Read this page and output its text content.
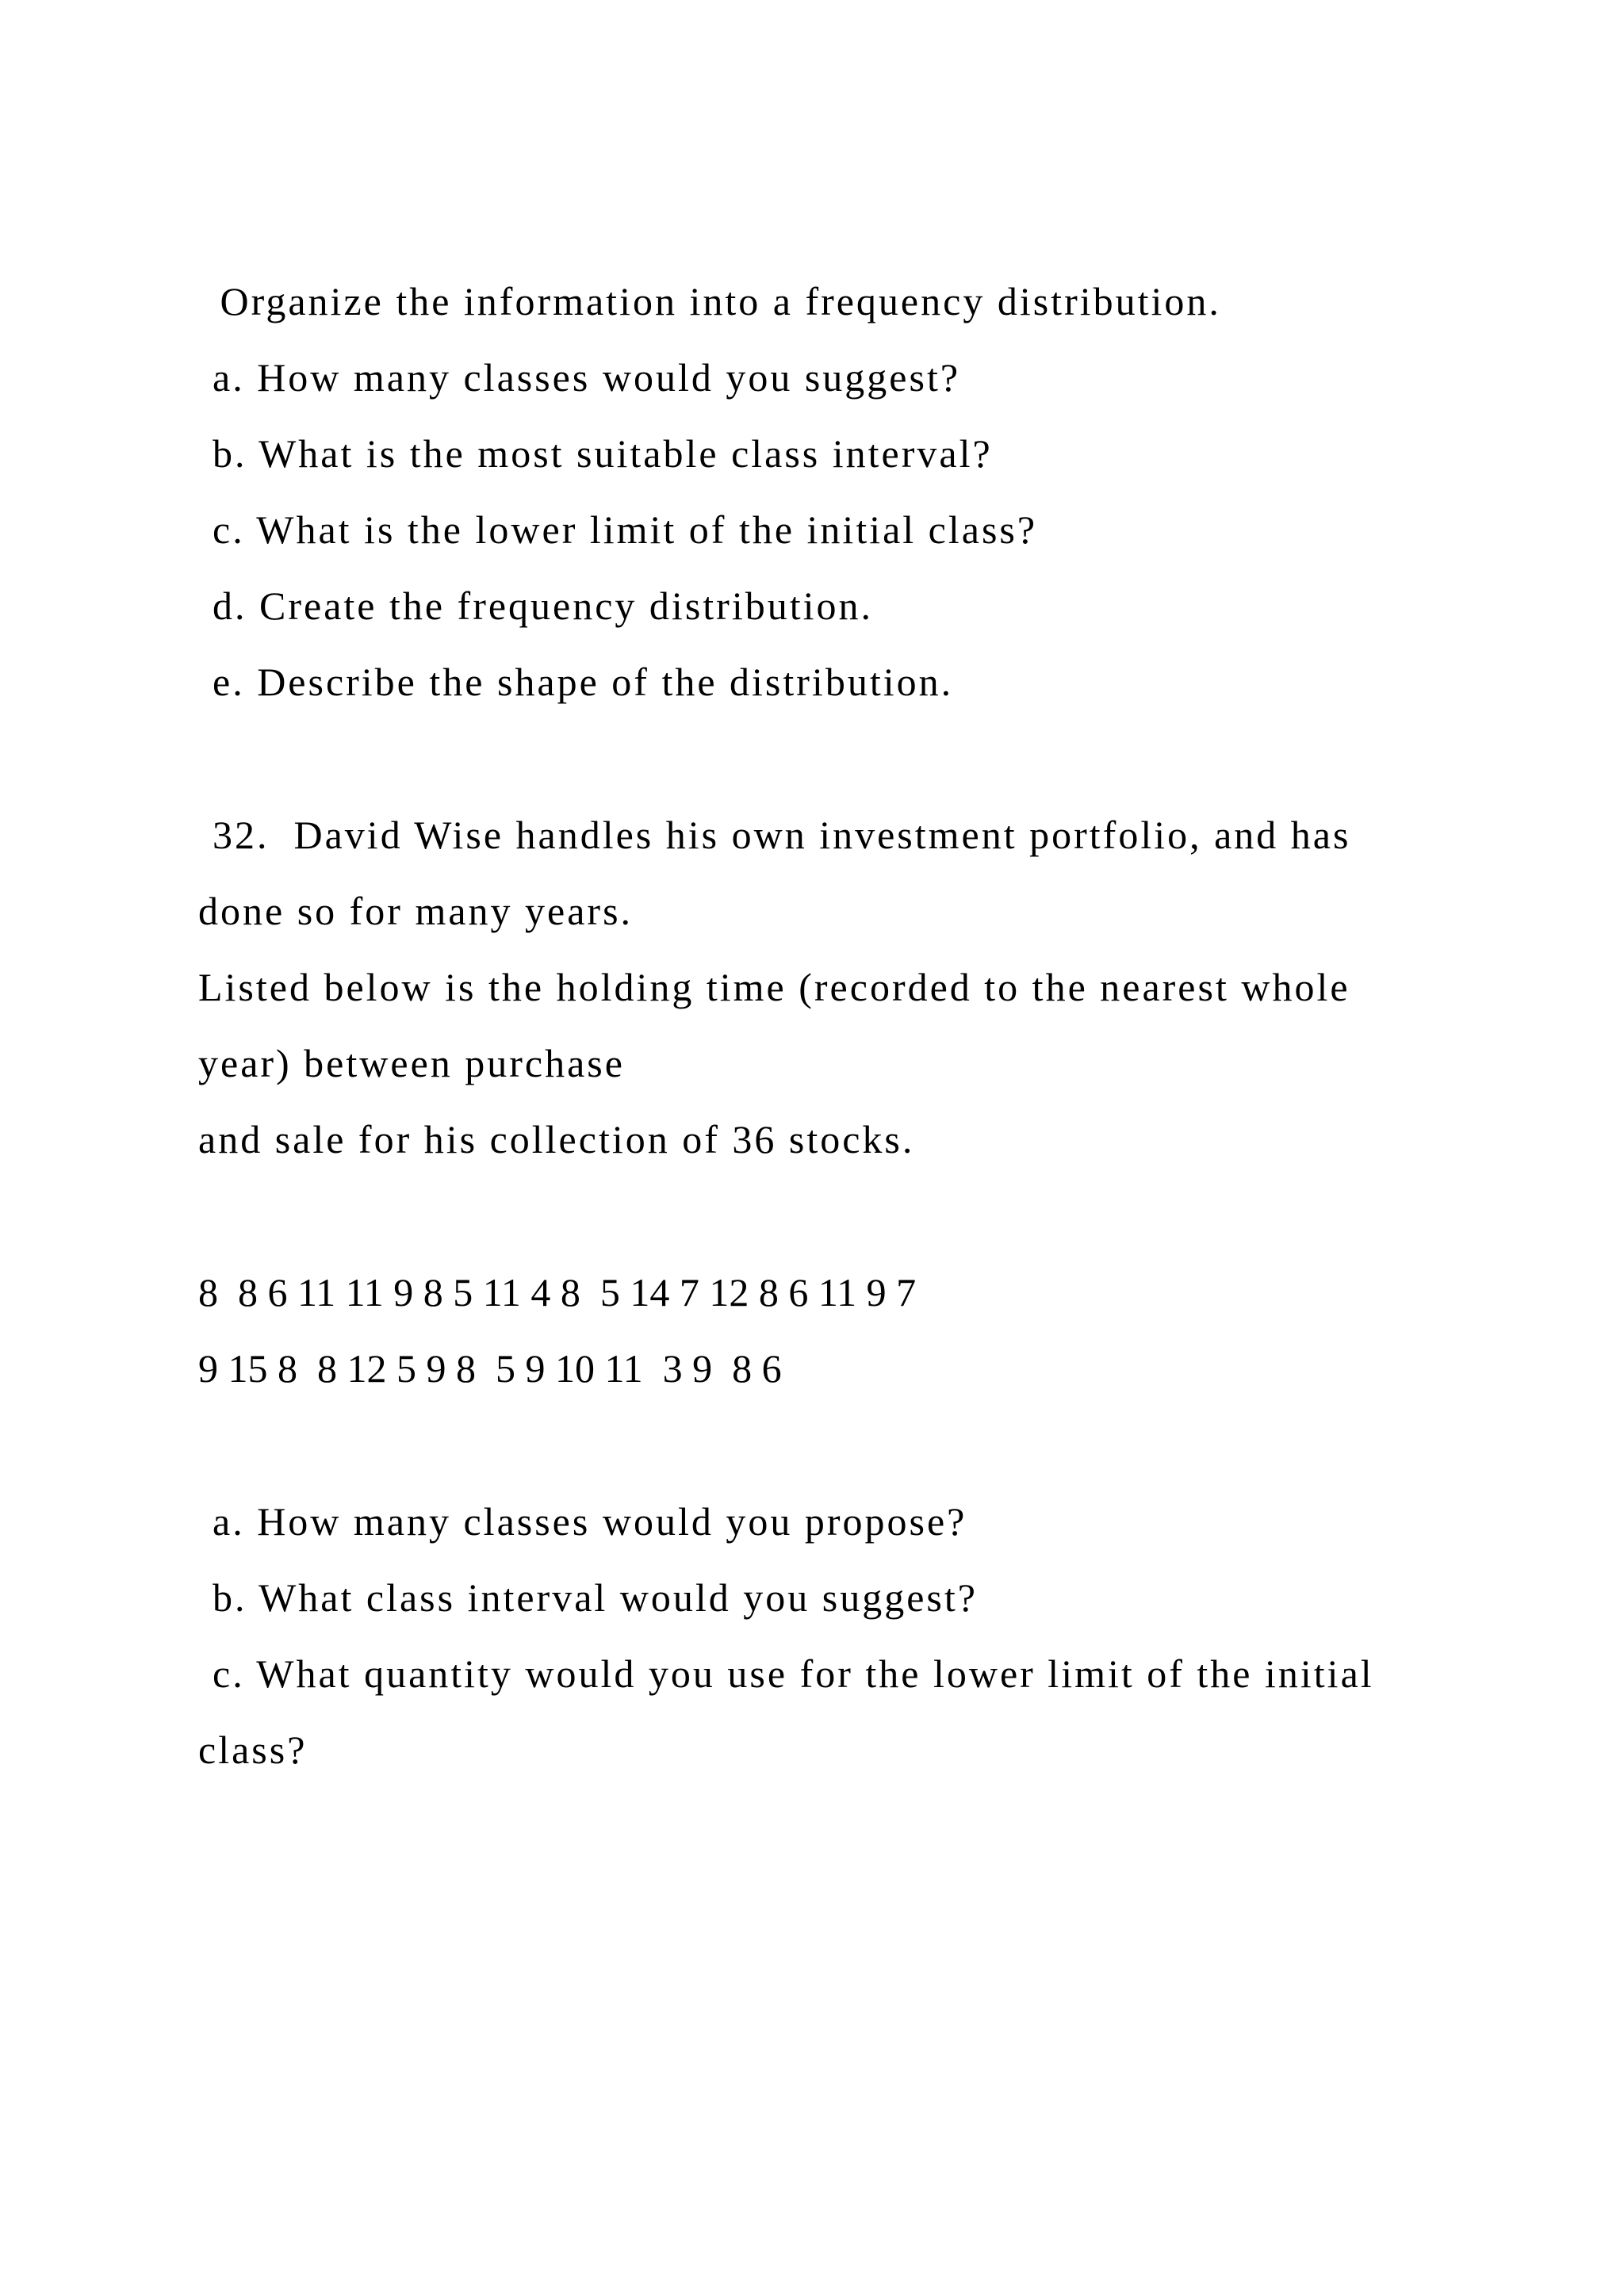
Organize the information into a frequency distribution.

a. How many classes would you suggest?

b. What is the most suitable class interval?

c. What is the lower limit of the initial class?

d. Create the frequency distribution.

e. Describe the shape of the distribution.

32.  David Wise handles his own investment portfolio, and has

done so for many years.

Listed below is the holding time (recorded to the nearest whole

year) between purchase

and sale for his collection of 36 stocks.

8  8 6 11 11 9 8 5 11 4 8  5 14 7 12 8 6 11 9 7

9 15 8  8 12 5 9 8  5 9 10 11  3 9  8 6

a. How many classes would you propose?

b. What class interval would you suggest?

c. What quantity would you use for the lower limit of the initial

class?
